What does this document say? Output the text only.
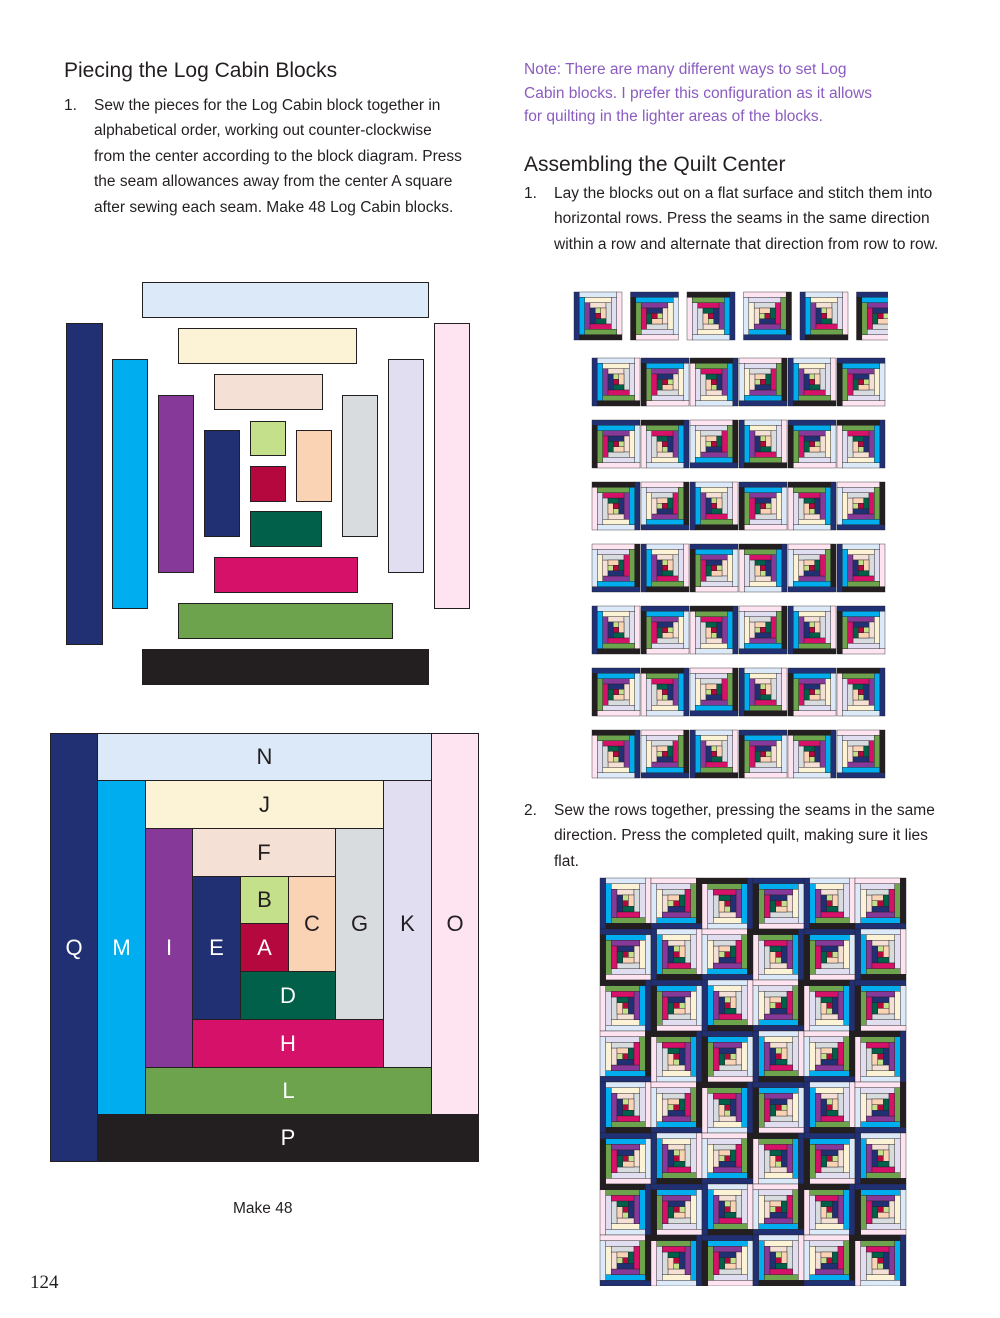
Piecing the Log Cabin Blocks
1. Sew the pieces for the Log Cabin block together in alphabetical order, working out counter-clockwise from the center according to the block diagram. Press the seam allowances away from the center A square after sewing each seam. Make 48 Log Cabin blocks.
Note: There are many different ways to set Log
Cabin blocks. I prefer this configuration as it allows
for quilting in the lighter areas of the blocks.
Assembling the Quilt Center
1. Lay the blocks out on a flat surface and stitch them into horizontal rows. Press the seams in the same direction within a row and alternate that direction from row to row.
2. Sew the rows together, pressing the seams in the same direction. Press the completed quilt, making sure it lies flat.
Q
N
O
M
J
K
I
F
G
E
B
C
A
D
H
L
P
Make 48
124
